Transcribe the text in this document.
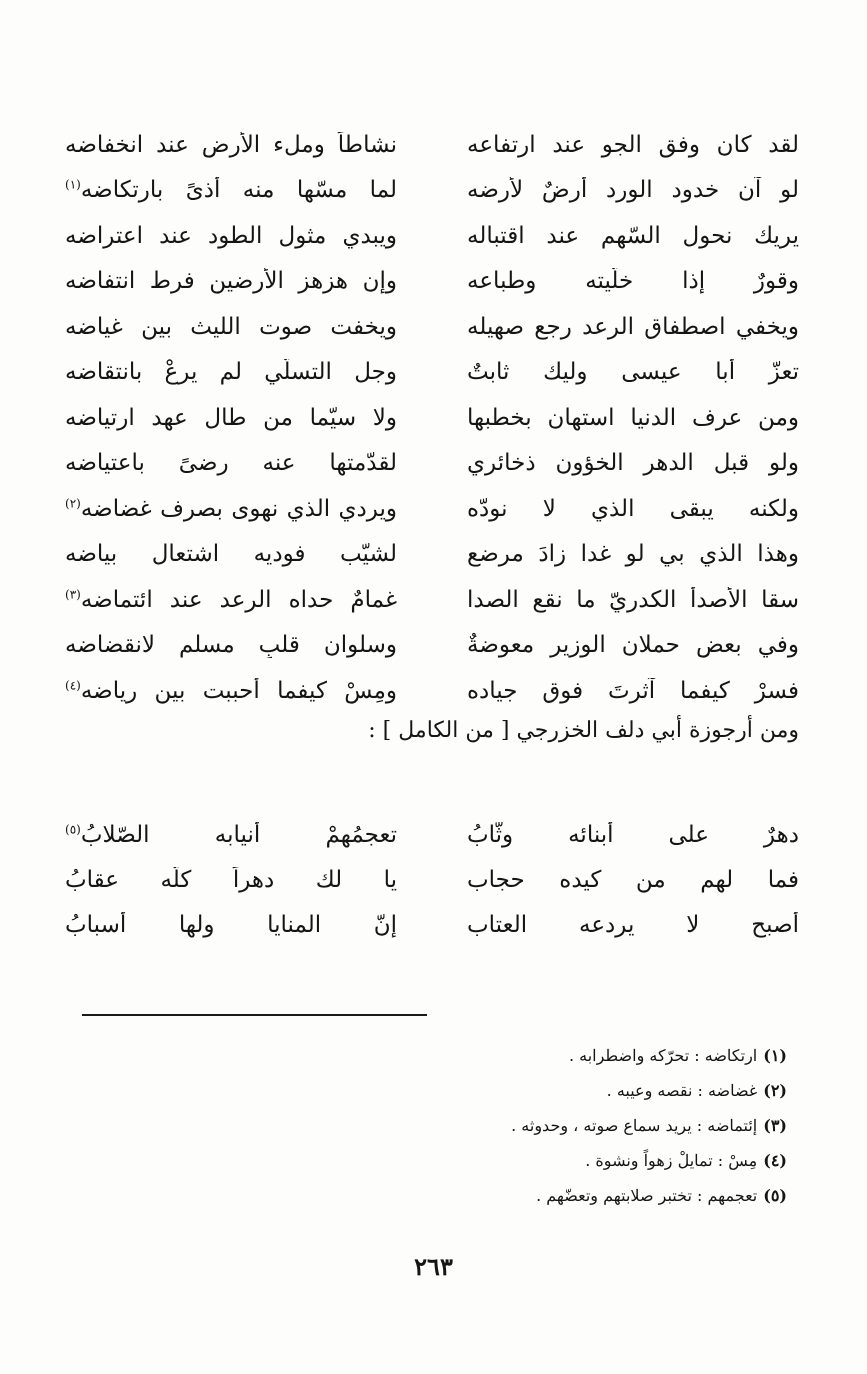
لقد كان وفق الجو عند ارتفاعه
نشاطاً وملء الأرض عند انخفاضه
لو آن خدود الورد أرضٌ لأرضه
لما مسّها منه أذىً بارتكاضه$^{(١)}$
يريك نحول السّهم عند اقتباله
ويبدي مثول الطود عند اعتراضه
وقورٌ إذا خلّيته وطباعه
وإن هزهز الأرضين فرط انتفاضه
ويخفي اصطفاق الرعد رجع صهيله
ويخفت صوت الليث بين غياضه
تعزّ أبا عيسى وليك ثابتٌ
وجل التسلّي لم يرعْ بانتقاضه
ومن عرف الدنيا استهان بخطبها
ولا سيّما من طال عهد ارتياضه
ولو قبل الدهر الخؤون ذخائري
لقدّمتها عنه رضىً باعتياضه
ولكنه يبقى الذي لا نودّه
ويردي الذي نهوى بصرف غضاضه$^{(٢)}$
وهذا الذي بي لو غدا زادَ مرضعٍ
لشيّب فوديه اشتعال بياضه
سقا الأصدأ الكدريّ ما نقع الصدا
غمامٌ حداه الرعد عند ائتماضه$^{(٣)}$
وفي بعض حملان الوزير معوضةٌ
وسلوان قلبٍ مسلمٍ لانقضاضه
فسرْ كيفما آثرتَ فوق جياده
ومِسْ كيفما أحببت بين رياضه$^{(٤)}$
ومن أرجوزة أبي دلف الخزرجي [ من الكامل ] :
دهرٌ على أبنائه وثّابُ
تعجمُهمْ أنيابه الصّلابُ$^{(٥)}$
فما لهم من كيده حجاب
يا لك دهراً كلّه عقابُ
أصبح لا يردعه العتاب
إنّ المنايا ولها أسبابُ
(١)ارتكاضه : تحرّكه واضطرابه .
(٢)غضاضه : نقصه وعيبه .
(٣)إئتماضه : يريد سماع صوته ، وحدوثه .
(٤)مِسْ : تمايلْ زهواً ونشوة .
(٥)تعجمهم : تختبر صلابتهم وتعضّهم .
٢٦٣
